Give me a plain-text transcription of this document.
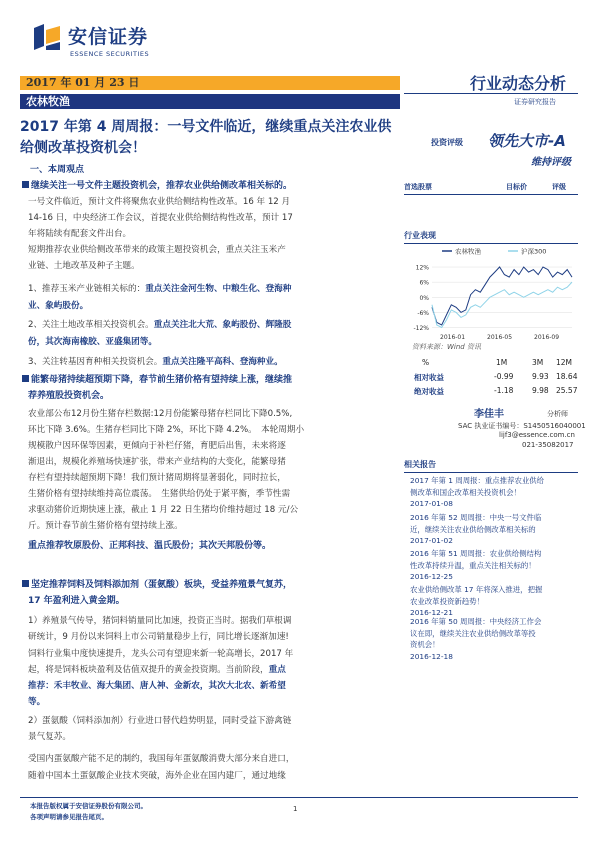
安信证券
ESSENCE SECURITIES
2017 年 01 月 23 日
农林牧渔
行业动态分析
证券研究报告
2017 年第 4 周周报：一号文件临近，继续重点关注农业供给侧改革投资机会！
一、本周观点
继续关注一号文件主题投资机会，推荐农业供给侧改革相关标的。
一号文件临近，预计文件将聚焦农业供给侧结构性改革。16 年 12 月
14-16 日，中央经济工作会议，首提农业供给侧结构性改革，预计 17
年将陆续有配套文件出台。
短期推荐农业供给侧改革带来的政策主题投资机会，重点关注玉米产
业链、土地改革及种子主题。
1、推荐玉米产业链相关标的：重点关注金河生物、中粮生化、登海种
业、象屿股份。
2、关注土地改革相关投资机会。重点关注北大荒、象屿股份、辉隆股
份，其次海南橡胶、亚盛集团等。
3、关注转基因育种相关投资机会。重点关注隆平高科、登海种业。
能繁母猪持续超预期下降，春节前生猪价格有望持续上涨，继续推
荐养殖股投资机会。
农业部公布12月份生猪存栏数据:12月份能繁母猪存栏同比下降0.5%,
环比下降 3.6%。生猪存栏同比下降 2%，环比下降 4.2%。　本轮周期小
规模散户因环保等因素，更倾向于补栏仔猪，育肥后出售，未来将逐
渐退出，规模化养殖场快速扩张，带来产业结构的大变化，能繁母猪
存栏有望持续超预期下降！我们预计猪周期将显著弱化，同时拉长，
生猪价格有望持续维持高位震荡。　生猪供给仍处于紧平衡，季节性需
求驱动猪价近期快速上涨，截止 1 月 22 日生猪均价维持超过 18 元/公
斤。预计春节前生猪价格有望持续上涨。
重点推荐牧原股份、正邦科技、温氏股份；其次天邦股份等。
坚定推荐饲料及饲料添加剂（蛋氨酸）板块，受益养殖景气复苏，
17 年盈利进入黄金期。
1）养殖景气传导，猪饲料销量同比加速，投资正当时。据我们草根调
研统计，9 月份以来饲料上市公司销量稳步上行，同比增长逐渐加速!
饲料行业集中度快速提升，龙头公司有望迎来新一轮高增长，2017 年
起，将是饲料板块盈利及估值双提升的黄金投资期。当前阶段，重点
推荐：禾丰牧业、海大集团、唐人神、金新农，其次大北农、新希望
等。
2）蛋氨酸（饲料添加剂）行业进口替代趋势明显，同时受益下游禽链
景气复苏。
受国内蛋氨酸产能不足的制约，我国每年蛋氨酸消费大部分来自进口，
随着中国本土蛋氨酸企业技术突破，海外企业在国内建厂，通过地缘
投资评级 领先大市-A
维持评级
首选股票	目标价	评级
行业表现
12%
6%
0%
-6%
-12%
2016-01	2016-05	2016-09
农林牧渔	沪深300
资料来源：Wind 资讯
%	1M	3M 12M
相对收益	-0.99 9.93 18.64
绝对收益	-1.18 9.98 25.57
李佳丰	分析师
SAC 执业证书编号：S1450516040001
lijf3@essence.com.cn
021-35082017
相关报告
2017 年第 1 周周报：重点推荐农业供给
侧改革和国企改革相关投资机会！
2017-01-08
2016 年第 52 周周报：中央一号文件临
近，继续关注农业供给侧改革相关标的
2017-01-02
2016 年第 51 周周报：农业供给侧结构
性改革持续升温，重点关注相关标的！
2016-12-25
农业供给侧改革 17 年将深入推进，把握
农业改革投资新趋势！
2016-12-21
2016 年第 50 周周报：中央经济工作会
议在即，继续关注农业供给侧改革等投
资机会！
2016-12-18
本报告版权属于安信证券股份有限公司。
各项声明请参见报告尾页。
1
